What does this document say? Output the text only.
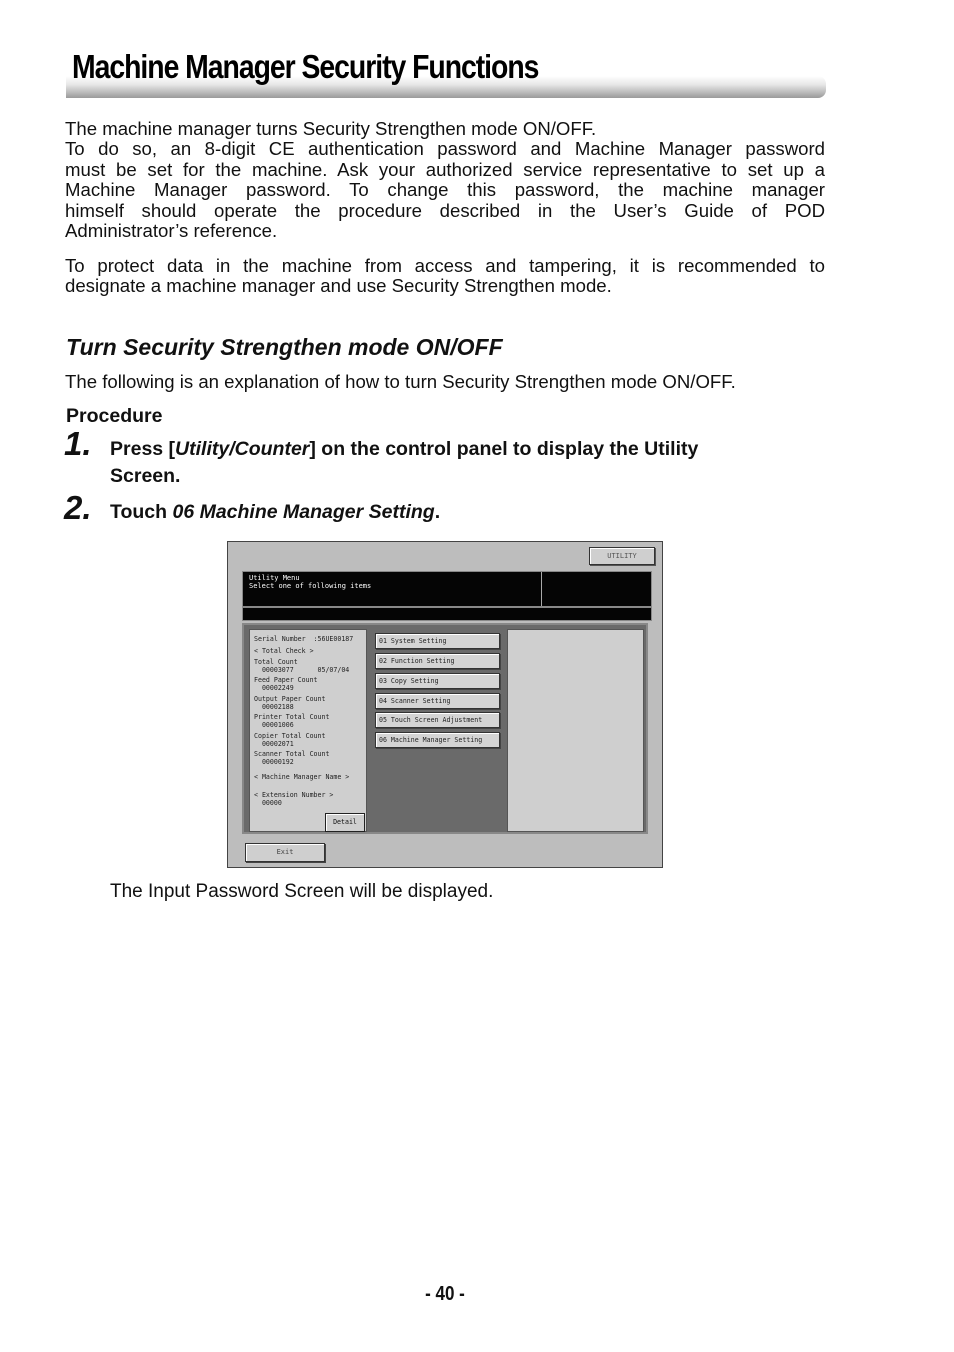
Machine Manager Security Functions

The machine manager turns Security Strengthen mode ON/OFF.
To do so, an 8-digit CE authentication password and Machine Manager password
must be set for the machine. Ask your authorized service representative to set up a
Machine Manager password. To change this password, the machine manager
himself should operate the procedure described in the User’s Guide of POD
Administrator’s reference.

To protect data in the machine from access and tampering, it is recommended to
designate a machine manager and use Security Strengthen mode.

Turn Security Strengthen mode ON/OFF

The following is an explanation of how to turn Security Strengthen mode ON/OFF.

Procedure
1. Press [Utility/Counter] on the control panel to display the Utility
Screen.
2. Touch 06 Machine Manager Setting.
UTILITY
Utility Menu
Select one of following items
Serial Number  :56UE00187
< Total Check >
Total Count
00003077      05/07/04
Feed Paper Count
00002249
Output Paper Count
00002188
Printer Total Count
00001006
Copier Total Count
00002071
Scanner Total Count
00000192
< Machine Manager Name >
< Extension Number >
00000
Detail
01 System Setting
02 Function Setting
03 Copy Setting
04 Scanner Setting
05 Touch Screen Adjustment
06 Machine Manager Setting
Exit
The Input Password Screen will be displayed.
- 40 -
